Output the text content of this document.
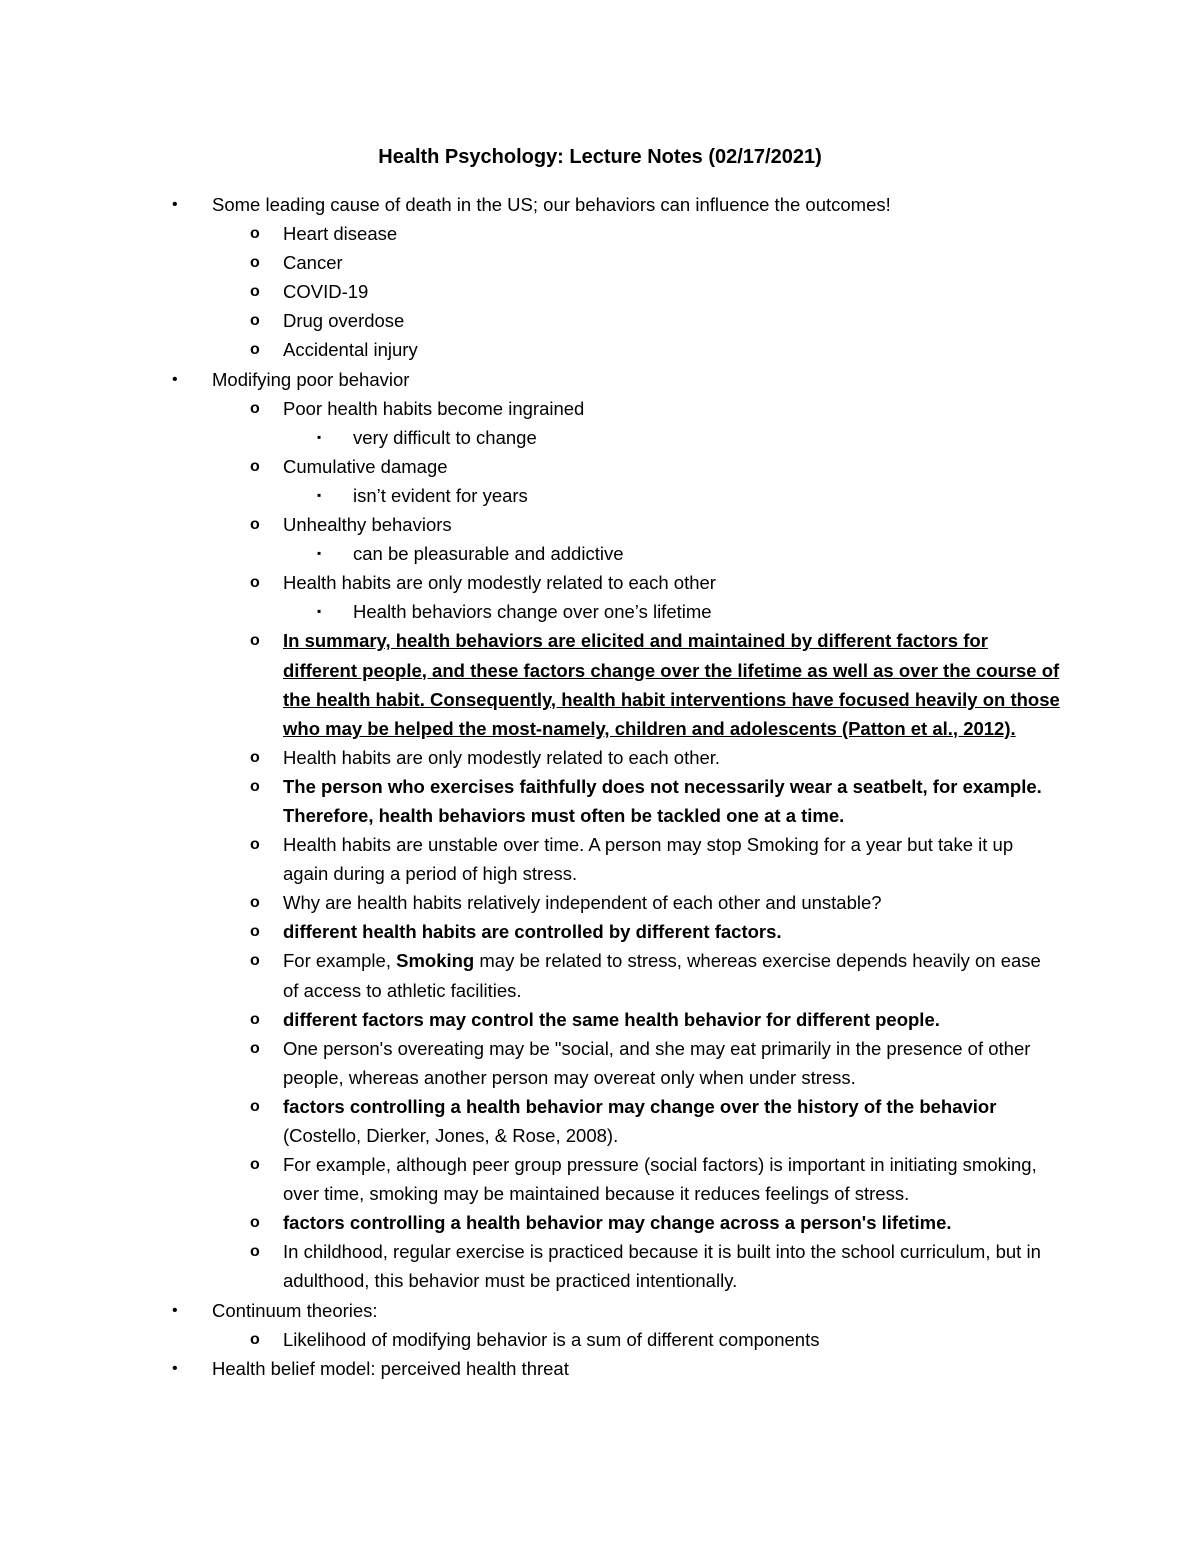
Health Psychology: Lecture Notes (02/17/2021)
• Some leading cause of death in the US; our behaviors can influence the outcomes!
o Heart disease
o Cancer
o COVID-19
o Drug overdose
o Accidental injury
• Modifying poor behavior
o Poor health habits become ingrained
▪ very difficult to change
o Cumulative damage
▪ isn’t evident for years
o Unhealthy behaviors
▪ can be pleasurable and addictive
o Health habits are only modestly related to each other
▪ Health behaviors change over one’s lifetime
o In summary, health behaviors are elicited and maintained by different factors for different people, and these factors change over the lifetime as well as over the course of the health habit. Consequently, health habit interventions have focused heavily on those who may be helped the most-namely, children and adolescents (Patton et al., 2012).
o Health habits are only modestly related to each other.
o The person who exercises faithfully does not necessarily wear a seatbelt, for example. Therefore, health behaviors must often be tackled one at a time.
o Health habits are unstable over time. A person may stop Smoking for a year but take it up again during a period of high stress.
o Why are health habits relatively independent of each other and unstable?
o different health habits are controlled by different factors.
o For example, Smoking may be related to stress, whereas exercise depends heavily on ease of access to athletic facilities.
o different factors may control the same health behavior for different people.
o One person's overeating may be "social, and she may eat primarily in the presence of other people, whereas another person may overeat only when under stress.
o factors controlling a health behavior may change over the history of the behavior (Costello, Dierker, Jones, & Rose, 2008).
o For example, although peer group pressure (social factors) is important in initiating smoking, over time, smoking may be maintained because it reduces feelings of stress.
o factors controlling a health behavior may change across a person's lifetime.
o In childhood, regular exercise is practiced because it is built into the school curriculum, but in adulthood, this behavior must be practiced intentionally.
• Continuum theories:
o Likelihood of modifying behavior is a sum of different components
• Health belief model: perceived health threat
